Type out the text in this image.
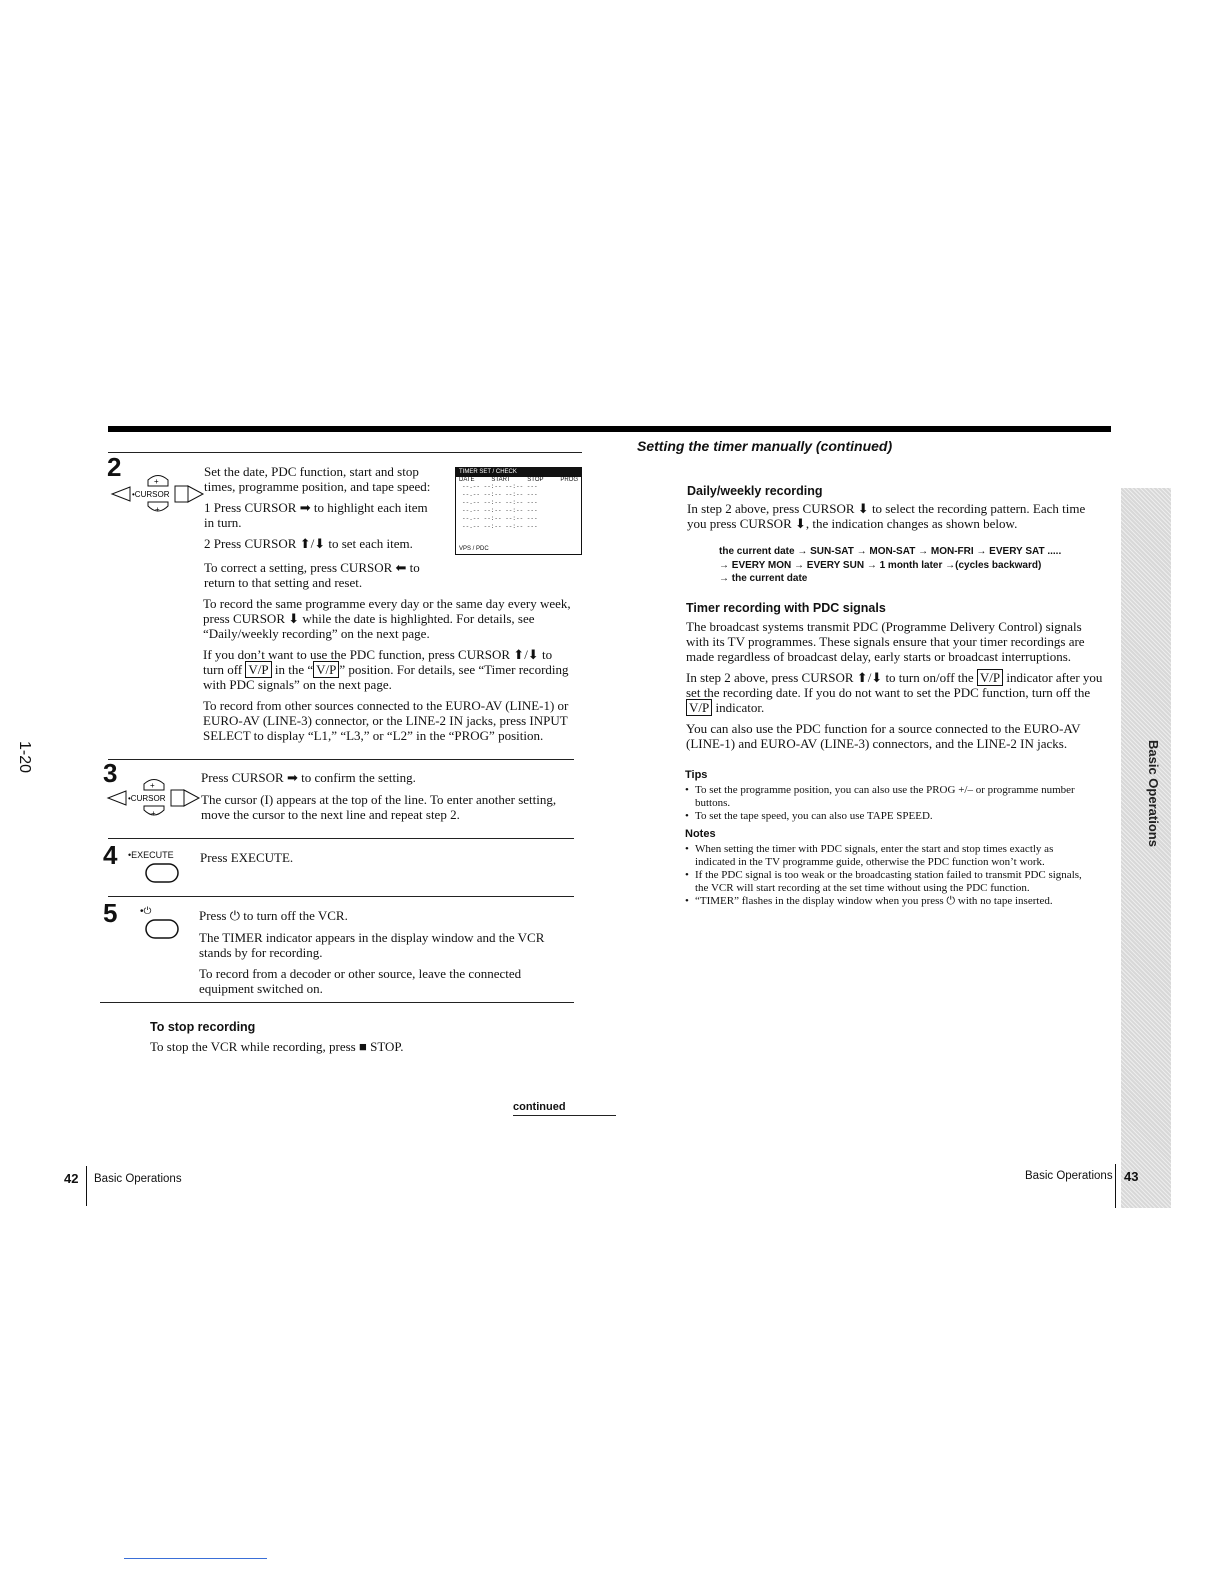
1-20
2	+
+
•CURSOR

Set the date, PDC function, start and stop times, programme position, and tape speed:

1 Press CURSOR ➡ to highlight each item in turn.

2 Press CURSOR ⬆/⬇ to set each item.

To correct a setting, press CURSOR ⬅ to return to that setting and reset.
TIMER SET / CHECK
DATE	START	STOP	PROG
--.-- --:-- --:-- ---
--.-- --:-- --:-- ---
--.-- --:-- --:-- ---
--.-- --:-- --:-- ---
--.-- --:-- --:-- ---
--.-- --:-- --:-- ---
VPS / PDC

To record the same programme every day or the same day every week, press CURSOR ⬇ while the date is highlighted. For details, see “Daily/weekly recording” on the next page.

If you don’t want to use the PDC function, press CURSOR ⬆/⬇ to turn off V/P in the “ V/P ” position. For details, see “Timer recording with PDC signals” on the next page.

To record from other sources connected to the EURO-AV (LINE-1) or EURO-AV (LINE-3) connector, or the LINE-2 IN jacks, press INPUT SELECT to display “L1,” “L3,” or “L2” in the “PROG” position.

3	+
+
•CURSOR

Press CURSOR ➡ to confirm the setting.

The cursor (I) appears at the top of the line. To enter another setting, move the cursor to the next line and repeat step 2.

4 •EXECUTE Press EXECUTE.
5 •⏻	Press ⏻ to turn off the VCR.

The TIMER indicator appears in the display window and the VCR stands by for recording.

To record from a decoder or other source, leave the connected equipment switched on.

To stop recording
To stop the VCR while recording, press ■ STOP.
continued
42 Basic Operations
Setting the timer manually (continued)
Daily/weekly recording
In step 2 above, press CURSOR ⬇ to select the recording pattern. Each time you press CURSOR ⬇, the indication changes as shown below.
the current date → SUN-SAT → MON-SAT → MON-FRI → EVERY SAT .....
→ EVERY MON → EVERY SUN → 1 month later →(cycles backward)
→ the current date
Timer recording with PDC signals

The broadcast systems transmit PDC (Programme Delivery Control) signals with its TV programmes. These signals ensure that your timer recordings are made regardless of broadcast delay, early starts or broadcast interruptions.

In step 2 above, press CURSOR ⬆/⬇ to turn on/off the V/P indicator after you set the recording date. If you do not want to set the PDC function, turn off the V/P indicator.

You can also use the PDC function for a source connected to the EURO-AV (LINE-1) and EURO-AV (LINE-3) connectors, and the LINE-2 IN jacks.

Tips
• To set the programme position, you can also use the PROG +/– or programme number buttons.
• To set the tape speed, you can also use TAPE SPEED.
Notes
• When setting the timer with PDC signals, enter the start and stop times exactly as indicated in the TV programme guide, otherwise the PDC function won’t work.
• If the PDC signal is too weak or the broadcasting station failed to transmit PDC signals, the VCR will start recording at the set time without using the PDC function.
• “TIMER” flashes in the display window when you press ⏻ with no tape inserted.
Basic Operations
Basic Operations 43
